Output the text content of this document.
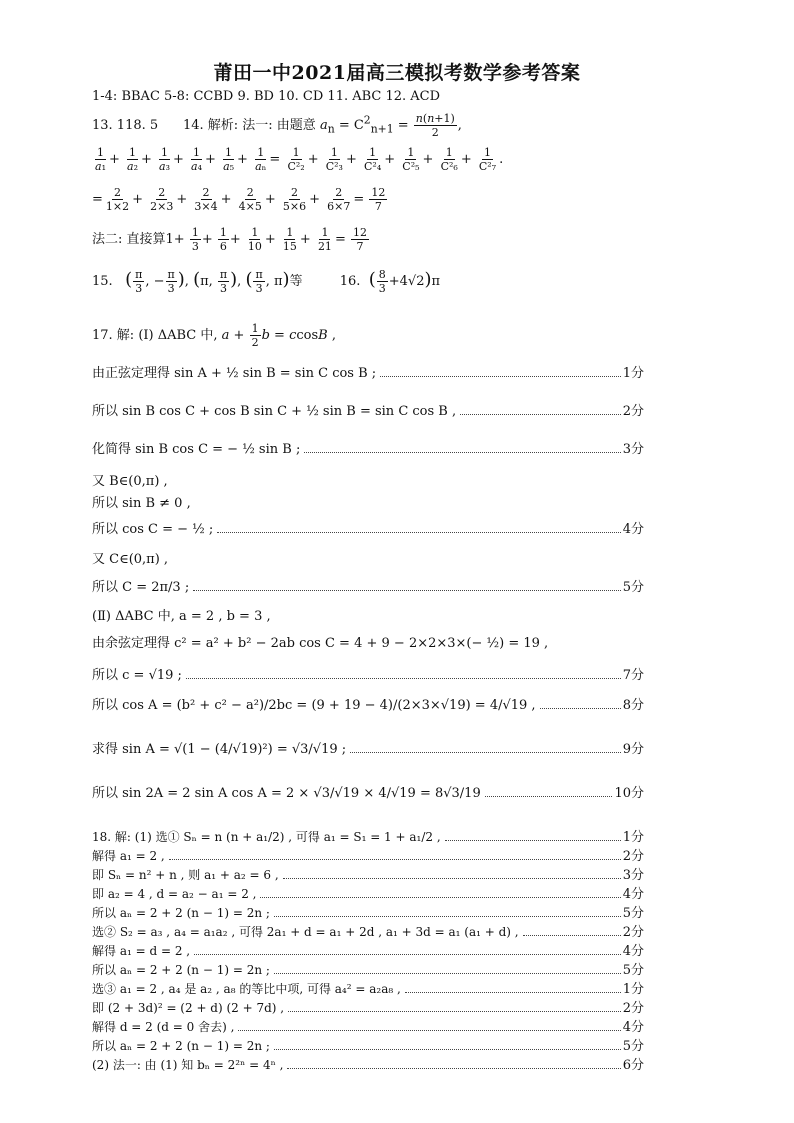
莆田一中2021届高三模拟考数学参考答案
1-4: BBAC 5-8: CCBD 9. BD 10. CD 11. ABC 12. ACD
13. 118. 5 14. 解析: 法一: 由题意 $a_n = C^2_{n+1} = \frac{n(n+1)}{2}$ ,
$\frac{1}{\text{a₁}} + \frac{1}{\text{a₂}} + \frac{1}{\text{a₃}} + \frac{1}{\text{a₄}} + \frac{1}{\text{a₅}} + \frac{1}{\text{aₙ}} = \frac{1}{\text{C²₂}} + \frac{1}{\text{C²₃}} + \frac{1}{\text{C²₄}} + \frac{1}{\text{C²₅}} + \frac{1}{\text{C²₆}} + \frac{1}{\text{C²₇}}$ .
= $\frac{2}{1\times 2} + \frac{2}{2\times 3} + \frac{2}{3\times 4} + \frac{2}{4\times 5} + \frac{2}{5\times 6} + \frac{2}{6\times 7} = \frac{12}{7}$
法二: 直接算$1+ \frac{1}{3} + \frac{1}{6} + \frac{1}{10} + \frac{1}{15} + \frac{1}{21} = \frac{12}{7}$
15. ( $\frac{\pi}{3}$ , − $\frac{\pi}{3}$ ), (π, $\frac{\pi}{3}$ ), ( $\frac{\pi}{3}$ , π)等	16. ( $\frac{8}{3} +4√2)\pi$
17. 解: (Ⅰ) ΔABC 中, $a + \frac{1}{2}$ b = ccosB ,
由正弦定理得 sin A + ½ sin B = sin C cos B ;	1分
所以 sin B cos C + cos B sin C + ½ sin B = sin C cos B ,	2分
化简得 sin B cos C = − ½ sin B ;	3分
又 B∈(0,π) ,
所以 sin B ≠ 0 ,
所以 cos C = − ½ ;	4分
又 C∈(0,π) ,
所以 C = 2π/3 ;	5分
(Ⅱ) ΔABC 中, a = 2 , b = 3 ,
由余弦定理得 c² = a² + b² − 2ab cos C = 4 + 9 − 2×2×3×(− ½) = 19 ,
所以 c = √19 ;	7分
所以 cos A = (b² + c² − a²)/2bc = (9 + 19 − 4)/(2×3×√19) = 4/√19 ,	8分
求得 sin A = √(1 − (4/√19)²) = √3/√19 ;	9分
所以 sin 2A = 2 sin A cos A = 2 × √3/√19 × 4/√19 = 8√3/19	10分
18. 解: (1) 选① Sₙ = n (n + a₁/2) , 可得 a₁ = S₁ = 1 + a₁/2 ,	1分
解得 a₁ = 2 ,	2分
即 Sₙ = n² + n , 则 a₁ + a₂ = 6 ,	3分
即 a₂ = 4 , d = a₂ − a₁ = 2 ,	4分
所以 aₙ = 2 + 2 (n − 1) = 2n ;	5分
选② S₂ = a₃ , a₄ = a₁a₂ , 可得 2a₁ + d = a₁ + 2d , a₁ + 3d = a₁ (a₁ + d) ,	2分
解得 a₁ = d = 2 ,	4分
所以 aₙ = 2 + 2 (n − 1) = 2n ;	5分
选③ a₁ = 2 , a₄ 是 a₂ , a₈ 的等比中项, 可得 a₄² = a₂a₈ ,	1分
即 (2 + 3d)² = (2 + d) (2 + 7d) ,	2分
解得 d = 2 (d = 0 舍去) ,	4分
所以 aₙ = 2 + 2 (n − 1) = 2n ;	5分
(2) 法一: 由 (1) 知 bₙ = 2²ⁿ = 4ⁿ ,	6分
